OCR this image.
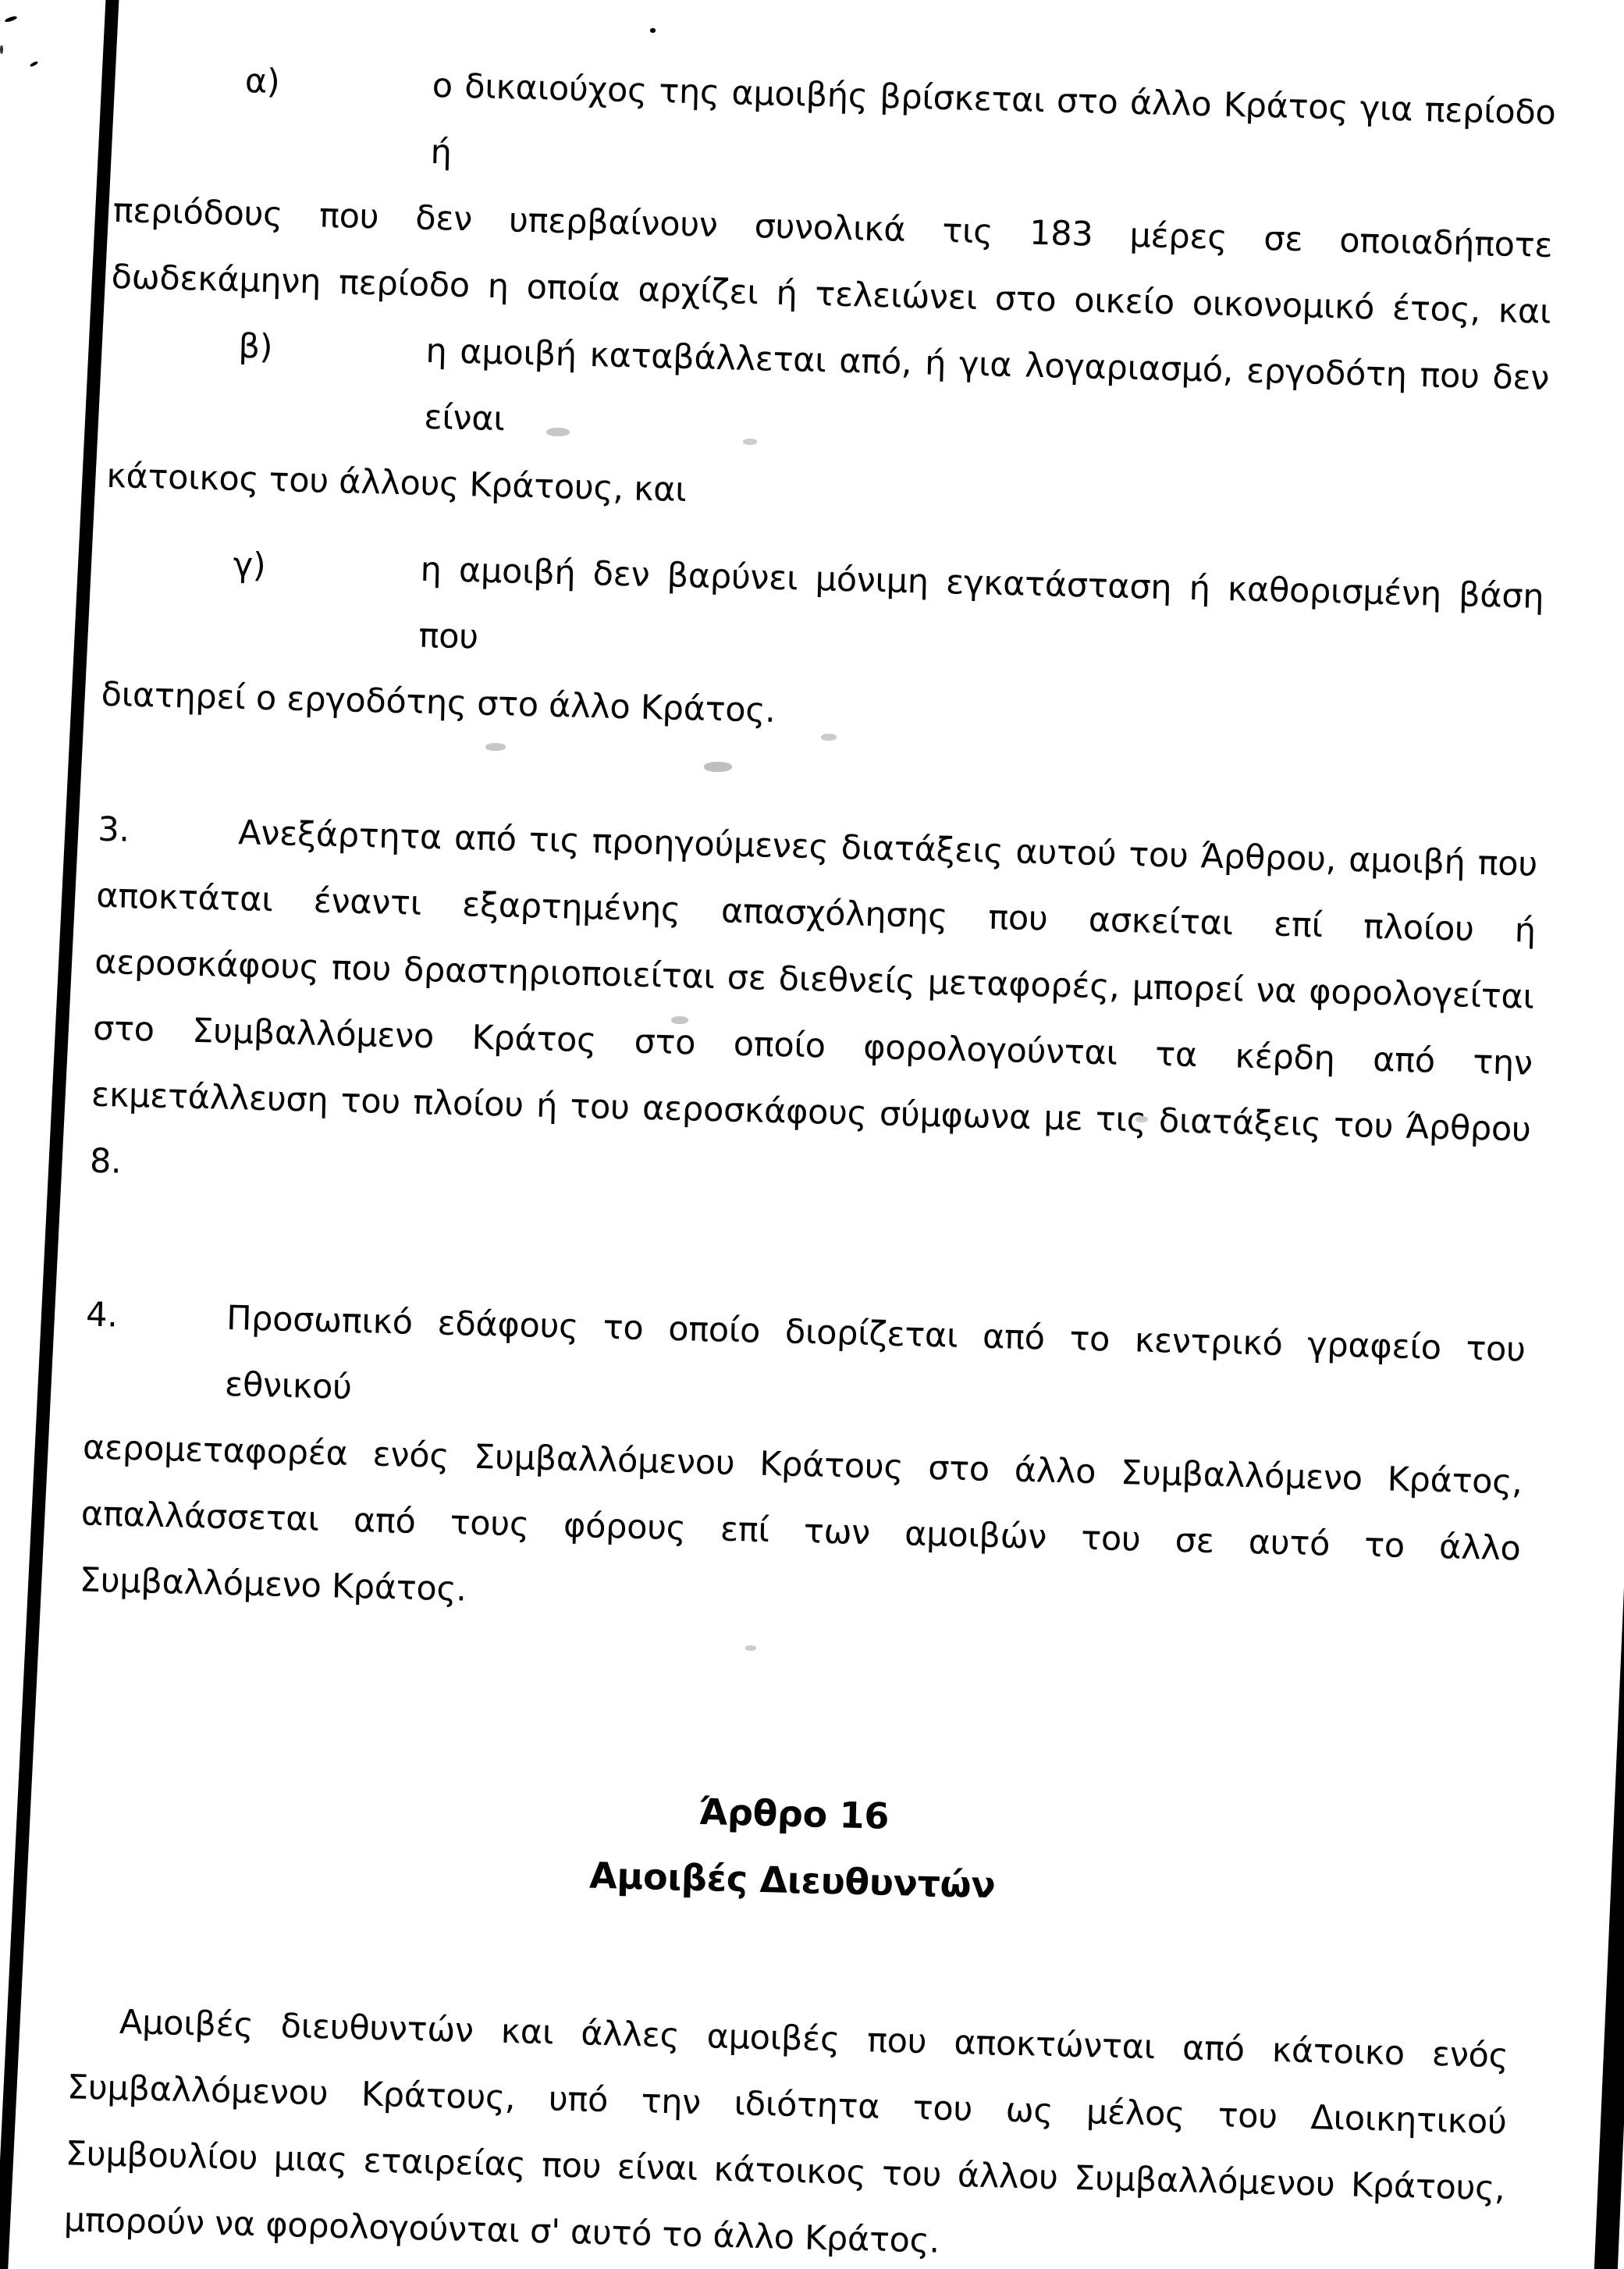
α)	ο δικαιούχος της αμοιβής βρίσκεται στο άλλο Κράτος για περίοδο ή
περιόδους που δεν υπερβαίνουν συνολικά τις 183 μέρες σε οποιαδήποτε
δωδεκάμηνη περίοδο η οποία αρχίζει ή τελειώνει στο οικείο οικονομικό έτος, και
β)	η αμοιβή καταβάλλεται από, ή για λογαριασμό, εργοδότη που δεν είναι
κάτοικος του άλλους Κράτους, και
γ)	η αμοιβή δεν βαρύνει μόνιμη εγκατάσταση ή καθορισμένη βάση που
διατηρεί ο εργοδότης στο άλλο Κράτος.
3.	Ανεξάρτητα από τις προηγούμενες διατάξεις αυτού του Άρθρου, αμοιβή που
αποκτάται έναντι εξαρτημένης απασχόλησης που ασκείται επί πλοίου ή
αεροσκάφους που δραστηριοποιείται σε διεθνείς μεταφορές, μπορεί να φορολογείται
στο Συμβαλλόμενο Κράτος στο οποίο φορολογούνται τα κέρδη από την
εκμετάλλευση του πλοίου ή του αεροσκάφους σύμφωνα με τις διατάξεις του Άρθρου
8.
4.	Προσωπικό εδάφους το οποίο διορίζεται από το κεντρικό γραφείο του εθνικού
αερομεταφορέα ενός Συμβαλλόμενου Κράτους στο άλλο Συμβαλλόμενο Κράτος,
απαλλάσσεται από τους φόρους επί των αμοιβών του σε αυτό το άλλο
Συμβαλλόμενο Κράτος.
Άρθρο 16
Αμοιβές Διευθυντών
Αμοιβές διευθυντών και άλλες αμοιβές που αποκτώνται από κάτοικο ενός
Συμβαλλόμενου Κράτους, υπό την ιδιότητα του ως μέλος του Διοικητικού
Συμβουλίου μιας εταιρείας που είναι κάτοικος του άλλου Συμβαλλόμενου Κράτους,
μπορούν να φορολογούνται σ' αυτό το άλλο Κράτος.
